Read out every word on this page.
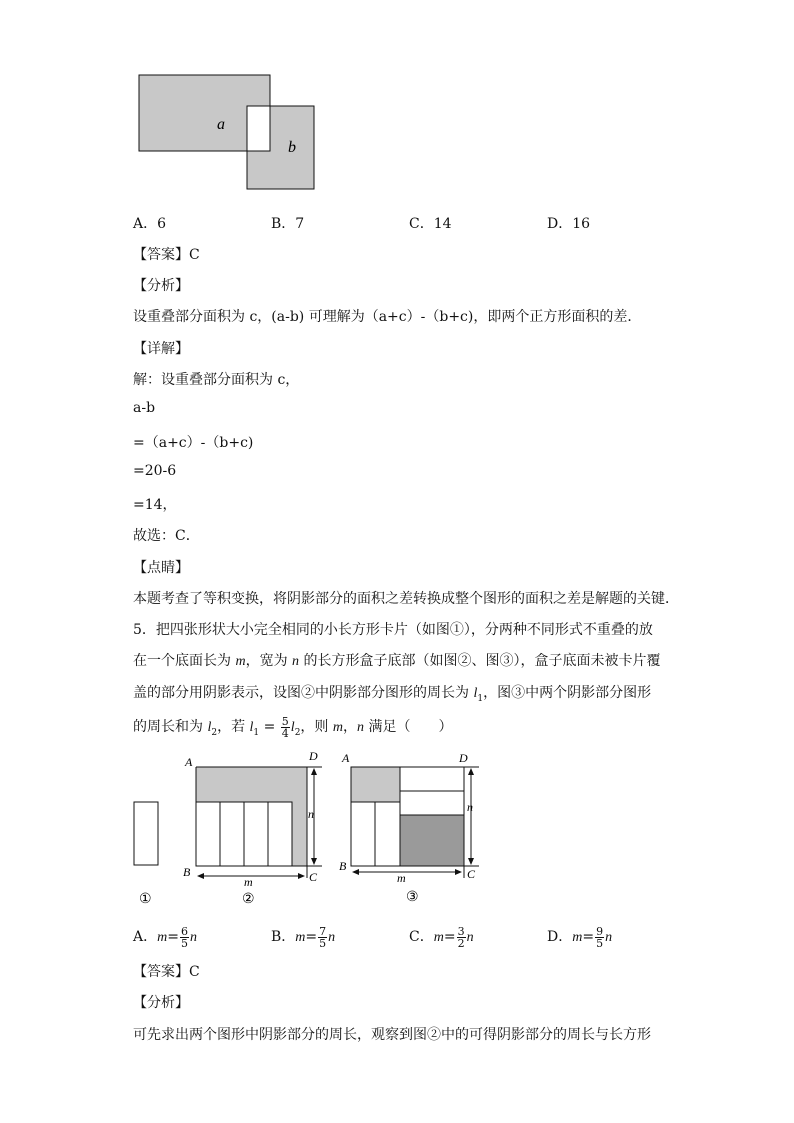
a
b
A．6	B．7	C．14	D．16
【答案】C
【分析】
设重叠部分面积为 c，(a-b) 可理解为（a+c）-（b+c)，即两个正方形面积的差．
【详解】
解：设重叠部分面积为 c，
a-b
=（a+c）-（b+c)
=20-6
=14，
故选：C．
【点睛】
本题考查了等积变换，将阴影部分的面积之差转换成整个图形的面积之差是解题的关键．
5．把四张形状大小完全相同的小长方形卡片（如图①），分两种不同形式不重叠的放
在一个底面长为 m，宽为 n 的长方形盒子底部（如图②、图③），盒子底面未被卡片覆
盖的部分用阴影表示，设图②中阴影部分图形的周长为 $l_1$，图③中两个阴影部分图形
的周长和为 $l_2$，若 $l_1 = \frac{5}{4} l_2$，则 m，n 满足（　　）
①
A	D
B	C
n
m
②
A	D
B
C
n
m
③
A．$m= \frac{6}{5}$ n	B．$m= \frac{7}{5}$ n	C．$m= \frac{3}{2}$ n	D．$m= \frac{9}{5}$ n
【答案】C
【分析】
可先求出两个图形中阴影部分的周长，观察到图②中的可得阴影部分的周长与长方形
